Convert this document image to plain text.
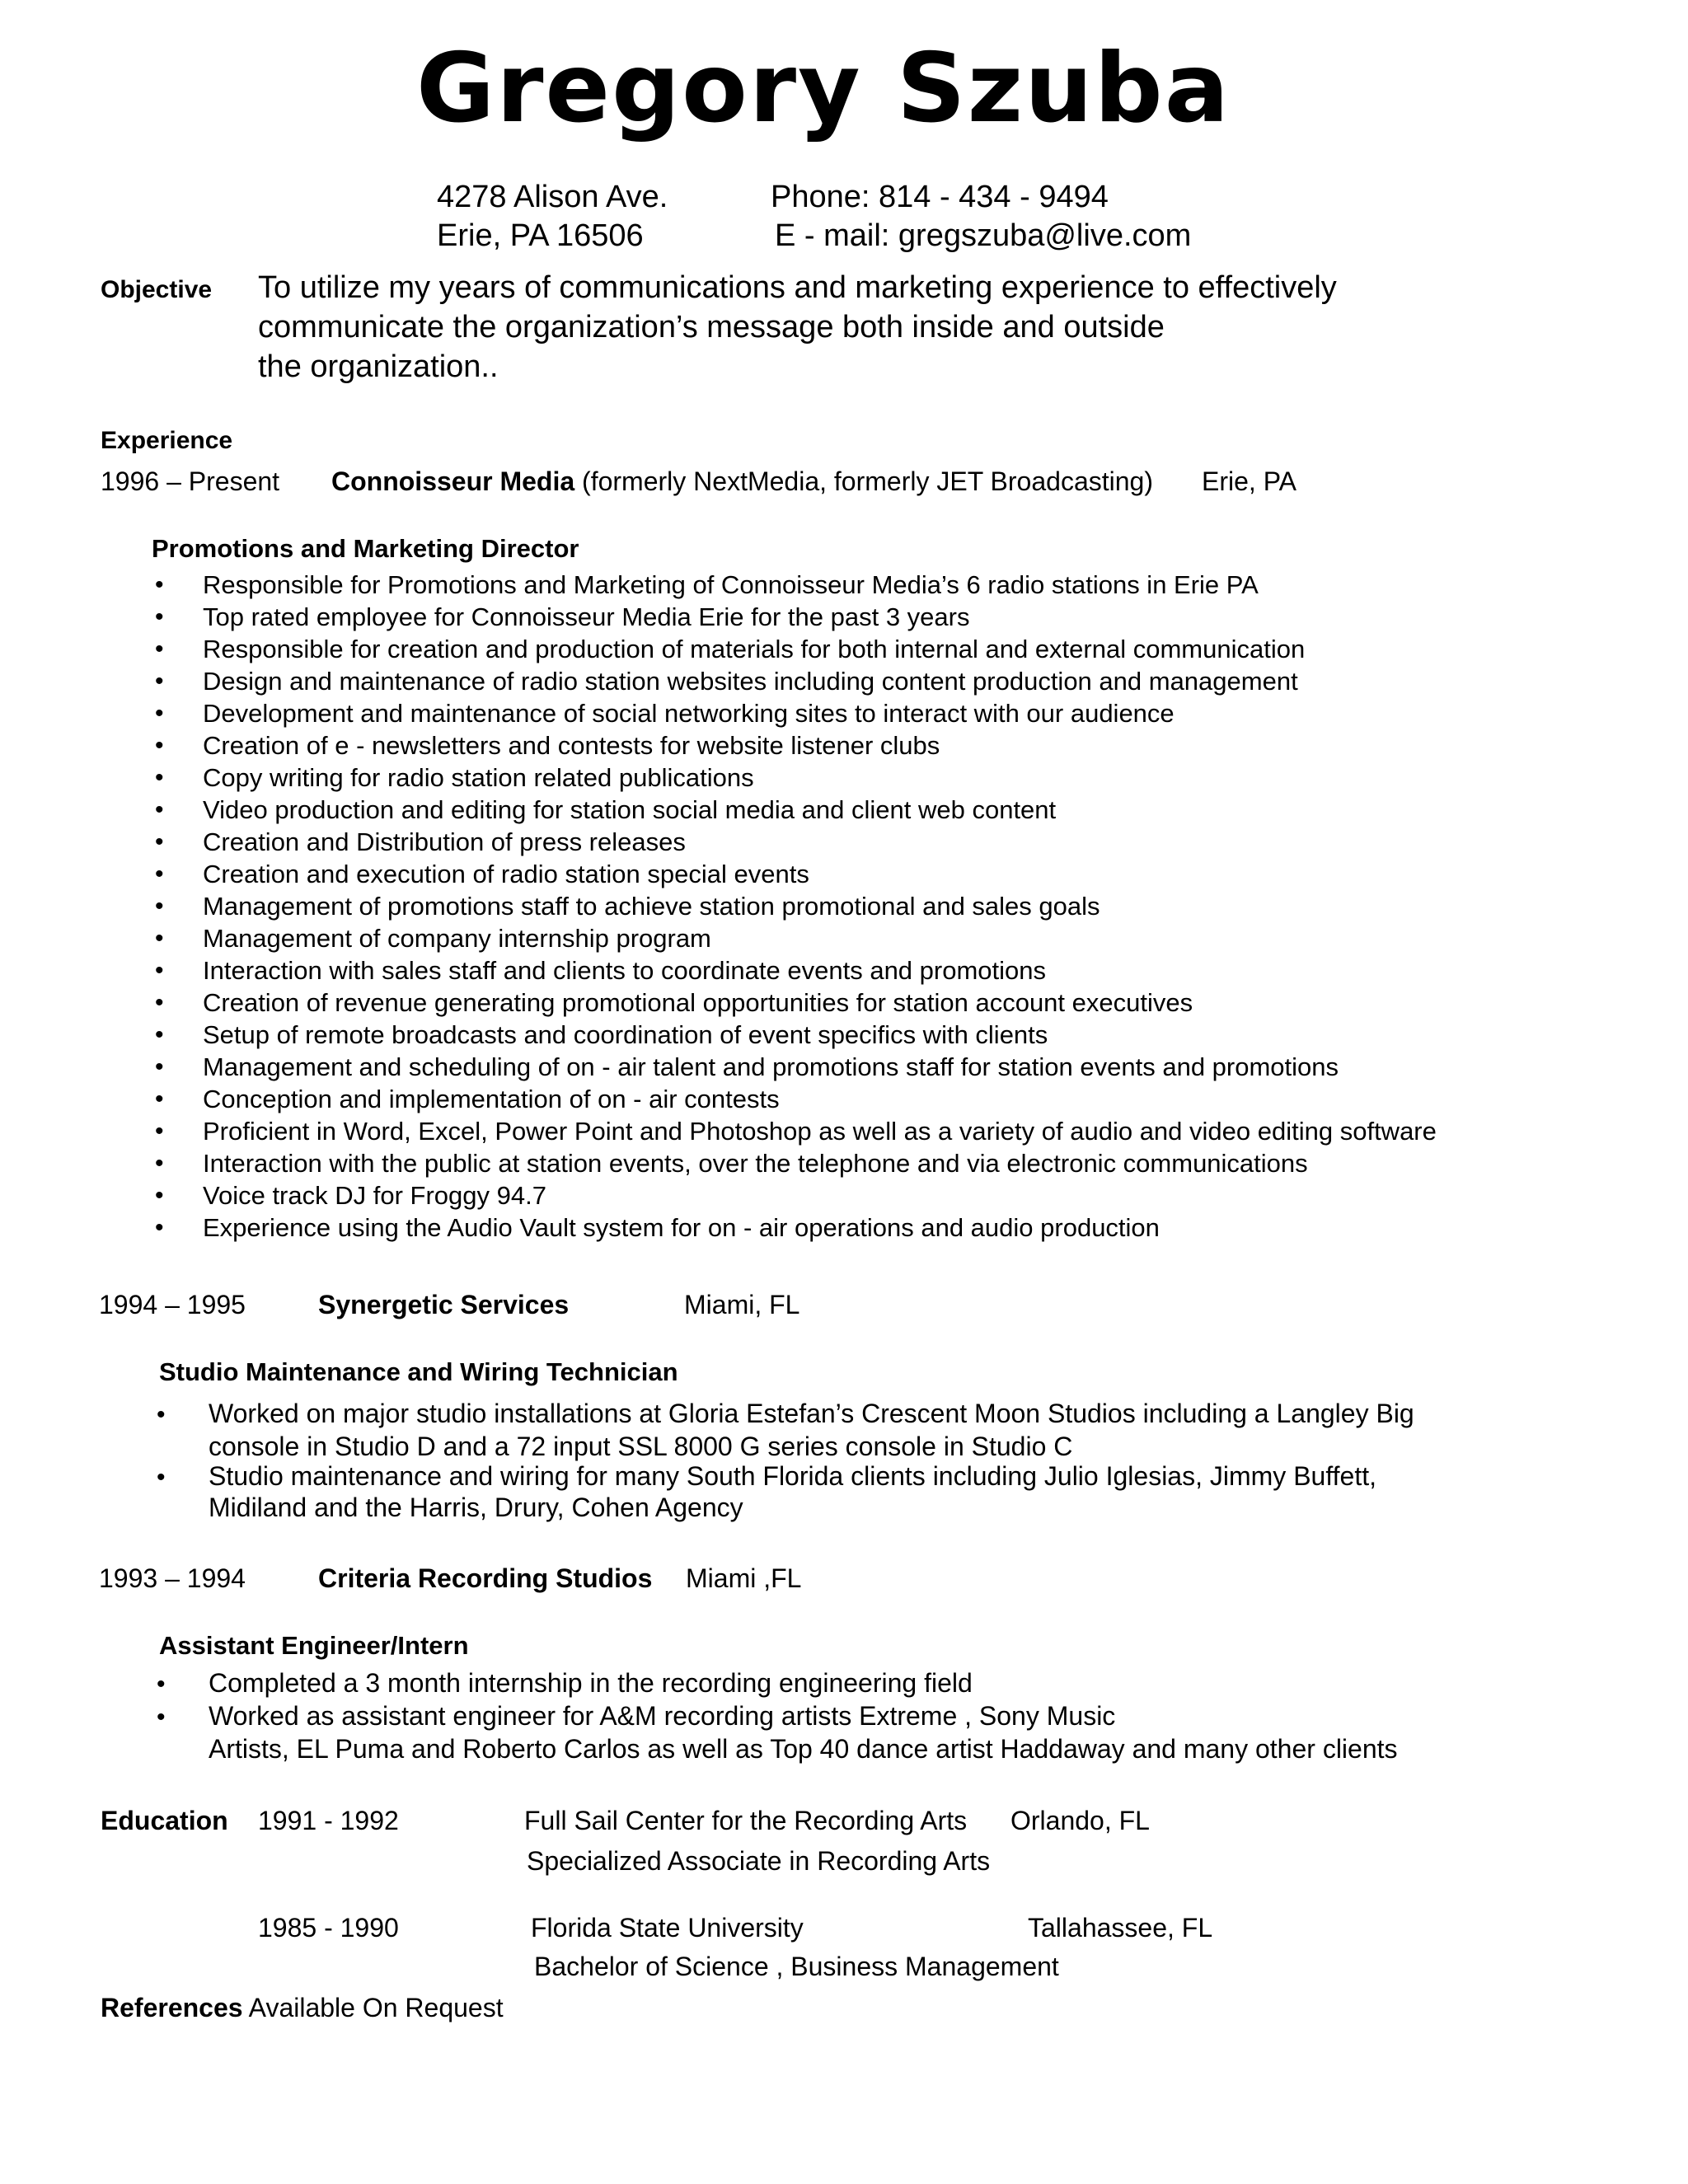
Gregory Szuba
4278 Alison Ave.
Erie, PA 16506
Phone: 814 - 434 - 9494
E - mail: gregszuba@live.com
Objective To utilize my years of communications and marketing experience to effectively
communicate the organization’s message both inside and outside
the organization..
Experience
1996 – Present Connoisseur Media (formerly NextMedia, formerly JET Broadcasting) Erie, PA
Promotions and Marketing Director
• Responsible for Promotions and Marketing of Connoisseur Media’s 6 radio stations in Erie PA
• Top rated employee for Connoisseur Media Erie for the past 3 years
• Responsible for creation and production of materials for both internal and external communication
• Design and maintenance of radio station websites including content production and management
• Development and maintenance of social networking sites to interact with our audience
• Creation of e - newsletters and contests for website listener clubs
• Copy writing for radio station related publications
• Video production and editing for station social media and client web content
• Creation and Distribution of press releases
• Creation and execution of radio station special events
• Management of promotions staff to achieve station promotional and sales goals
• Management of company internship program
• Interaction with sales staff and clients to coordinate events and promotions
• Creation of revenue generating promotional opportunities for station account executives
• Setup of remote broadcasts and coordination of event specifics with clients
• Management and scheduling of on - air talent and promotions staff for station events and promotions
• Conception and implementation of on - air contests
• Proficient in Word, Excel, Power Point and Photoshop as well as a variety of audio and video editing software
• Interaction with the public at station events, over the telephone and via electronic communications
• Voice track DJ for Froggy 94.7
• Experience using the Audio Vault system for on - air operations and audio production
1994 – 1995	Synergetic Services	Miami, FL
Studio Maintenance and Wiring Technician
• Worked on major studio installations at Gloria Estefan’s Crescent Moon Studios including a Langley Big
console in Studio D and a 72 input SSL 8000 G series console in Studio C
• Studio maintenance and wiring for many South Florida clients including Julio Iglesias, Jimmy Buffett,
Midiland and the Harris, Drury, Cohen Agency
1993 – 1994	Criteria Recording Studios Miami ,FL
Assistant Engineer/Intern
• Completed a 3 month internship in the recording engineering field
• Worked as assistant engineer for A&M recording artists Extreme , Sony Music
Artists, EL Puma and Roberto Carlos as well as Top 40 dance artist Haddaway and many other clients
Education 1991 - 1992	Full Sail Center for the Recording Arts Orlando, FL
Specialized Associate in Recording Arts
1985 - 1990	Florida State University	Tallahassee, FL
Bachelor of Science , Business Management
References Available On Request
